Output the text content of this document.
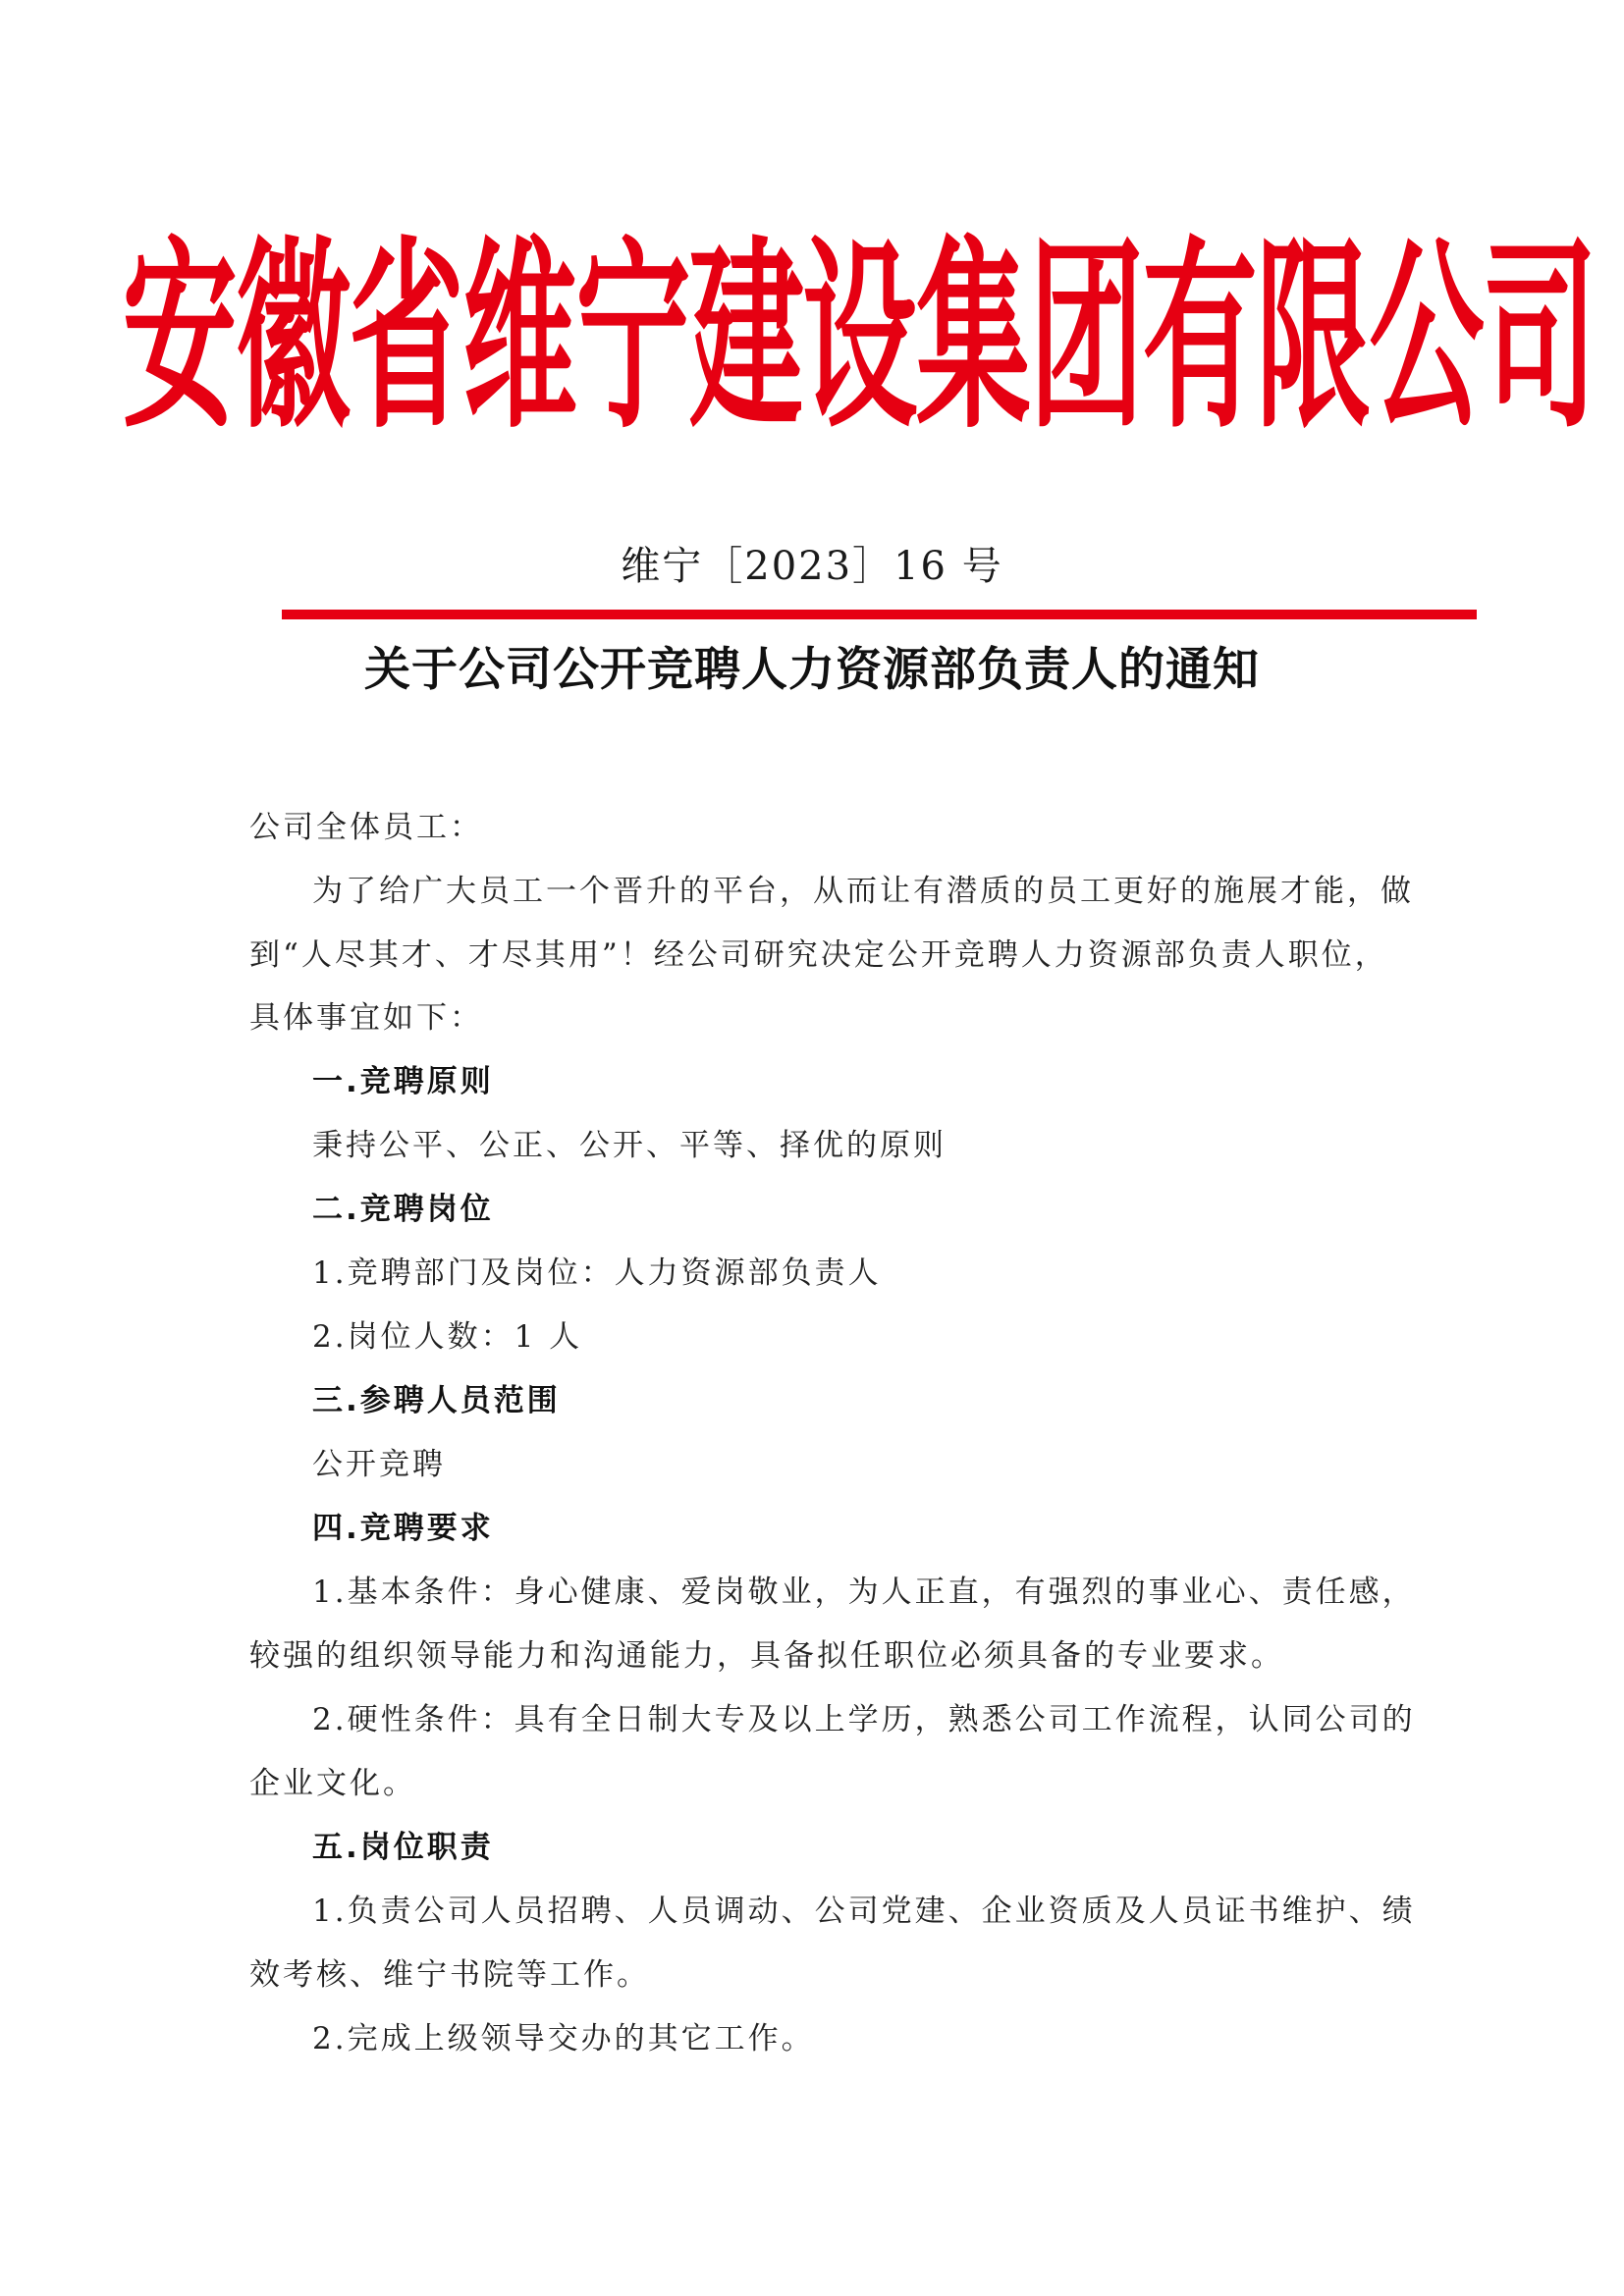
安徽省维宁建设集团有限公司
维宁［2023］16 号
关于公司公开竞聘人力资源部负责人的通知
公司全体员工：
为了给广大员工一个晋升的平台，从而让有潜质的员工更好的施展才能，做
到“人尽其才、才尽其用”！经公司研究决定公开竞聘人力资源部负责人职位，
具体事宜如下：
一.竞聘原则
秉持公平、公正、公开、平等、择优的原则
二.竞聘岗位
1.竞聘部门及岗位：人力资源部负责人
2.岗位人数：1 人
三.参聘人员范围
公开竞聘
四.竞聘要求
1.基本条件：身心健康、爱岗敬业，为人正直，有强烈的事业心、责任感，
较强的组织领导能力和沟通能力，具备拟任职位必须具备的专业要求。
2.硬性条件：具有全日制大专及以上学历，熟悉公司工作流程，认同公司的
企业文化。
五.岗位职责
1.负责公司人员招聘、人员调动、公司党建、企业资质及人员证书维护、绩
效考核、维宁书院等工作。
2.完成上级领导交办的其它工作。
